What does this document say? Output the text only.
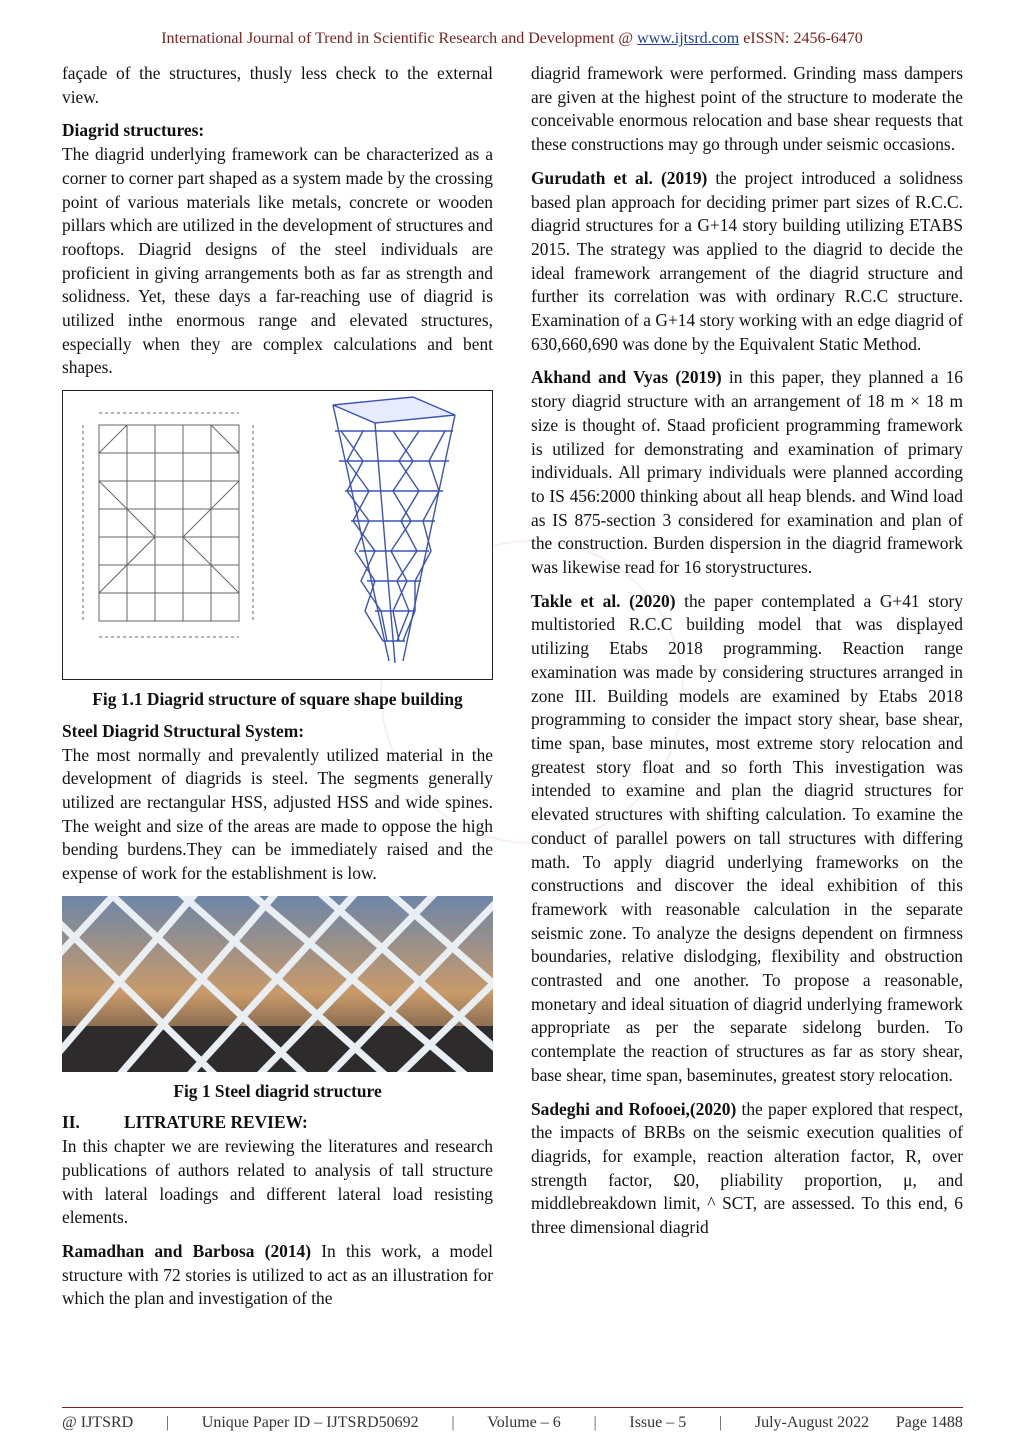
International Journal of Trend in Scientific Research and Development @ www.ijtsrd.com eISSN: 2456-6470

façade of the structures, thusly less check to the external view.

Diagrid structures:

The diagrid underlying framework can be characterized as a corner to corner part shaped as a system made by the crossing point of various materials like metals, concrete or wooden pillars which are utilized in the development of structures and rooftops. Diagrid designs of the steel individuals are proficient in giving arrangements both as far as strength and solidness. Yet, these days a far-reaching use of diagrid is utilized inthe enormous range and elevated structures, especially when they are complex calculations and bent shapes.

Fig 1.1 Diagrid structure of square shape building
Steel Diagrid Structural System:

The most normally and prevalently utilized material in the development of diagrids is steel. The segments generally utilized are rectangular HSS, adjusted HSS and wide spines. The weight and size of the areas are made to oppose the high bending burdens.They can be immediately raised and the expense of work for the establishment is low.

Fig 1 Steel diagrid structure
II.	LITRATURE REVIEW:

In this chapter we are reviewing the literatures and research publications of authors related to analysis of tall structure with lateral loadings and different lateral load resisting elements.

Ramadhan and Barbosa (2014) In this work, a model structure with 72 stories is utilized to act as an illustration for which the plan and investigation of the

diagrid framework were performed. Grinding mass dampers are given at the highest point of the structure to moderate the conceivable enormous relocation and base shear requests that these constructions may go through under seismic occasions.

Gurudath et al. (2019) the project introduced a solidness based plan approach for deciding primer part sizes of R.C.C. diagrid structures for a G+14 story building utilizing ETABS 2015. The strategy was applied to the diagrid to decide the ideal framework arrangement of the diagrid structure and further its correlation was with ordinary R.C.C structure. Examination of a G+14 story working with an edge diagrid of 630,660,690 was done by the Equivalent Static Method.

Akhand and Vyas (2019) in this paper, they planned a 16 story diagrid structure with an arrangement of 18 m × 18 m size is thought of. Staad proficient programming framework is utilized for demonstrating and examination of primary individuals. All primary individuals were planned according to IS 456:2000 thinking about all heap blends. and Wind load as IS 875-section 3 considered for examination and plan of the construction. Burden dispersion in the diagrid framework was likewise read for 16 storystructures.

Takle et al. (2020) the paper contemplated a G+41 story multistoried R.C.C building model that was displayed utilizing Etabs 2018 programming. Reaction range examination was made by considering structures arranged in zone III. Building models are examined by Etabs 2018 programming to consider the impact story shear, base shear, time span, base minutes, most extreme story relocation and greatest story float and so forth This investigation was intended to examine and plan the diagrid structures for elevated structures with shifting calculation. To examine the conduct of parallel powers on tall structures with differing math. To apply diagrid underlying frameworks on the constructions and discover the ideal exhibition of this framework with reasonable calculation in the separate seismic zone. To analyze the designs dependent on firmness boundaries, relative dislodging, flexibility and obstruction contrasted and one another. To propose a reasonable, monetary and ideal situation of diagrid underlying framework appropriate as per the separate sidelong burden. To contemplate the reaction of structures as far as story shear, base shear, time span, baseminutes, greatest story relocation.

Sadeghi and Rofooei,(2020) the paper explored that respect, the impacts of BRBs on the seismic execution qualities of diagrids, for example, reaction alteration factor, R, over strength factor, Ω0, pliability proportion, μ, and middlebreakdown limit, ^ SCT, are assessed. To this end, 6 three dimensional diagrid

@ IJTSRD	|	Unique Paper ID – IJTSRD50692	|	Volume – 6	|	Issue – 5	|	July-August 2022 Page 1488
